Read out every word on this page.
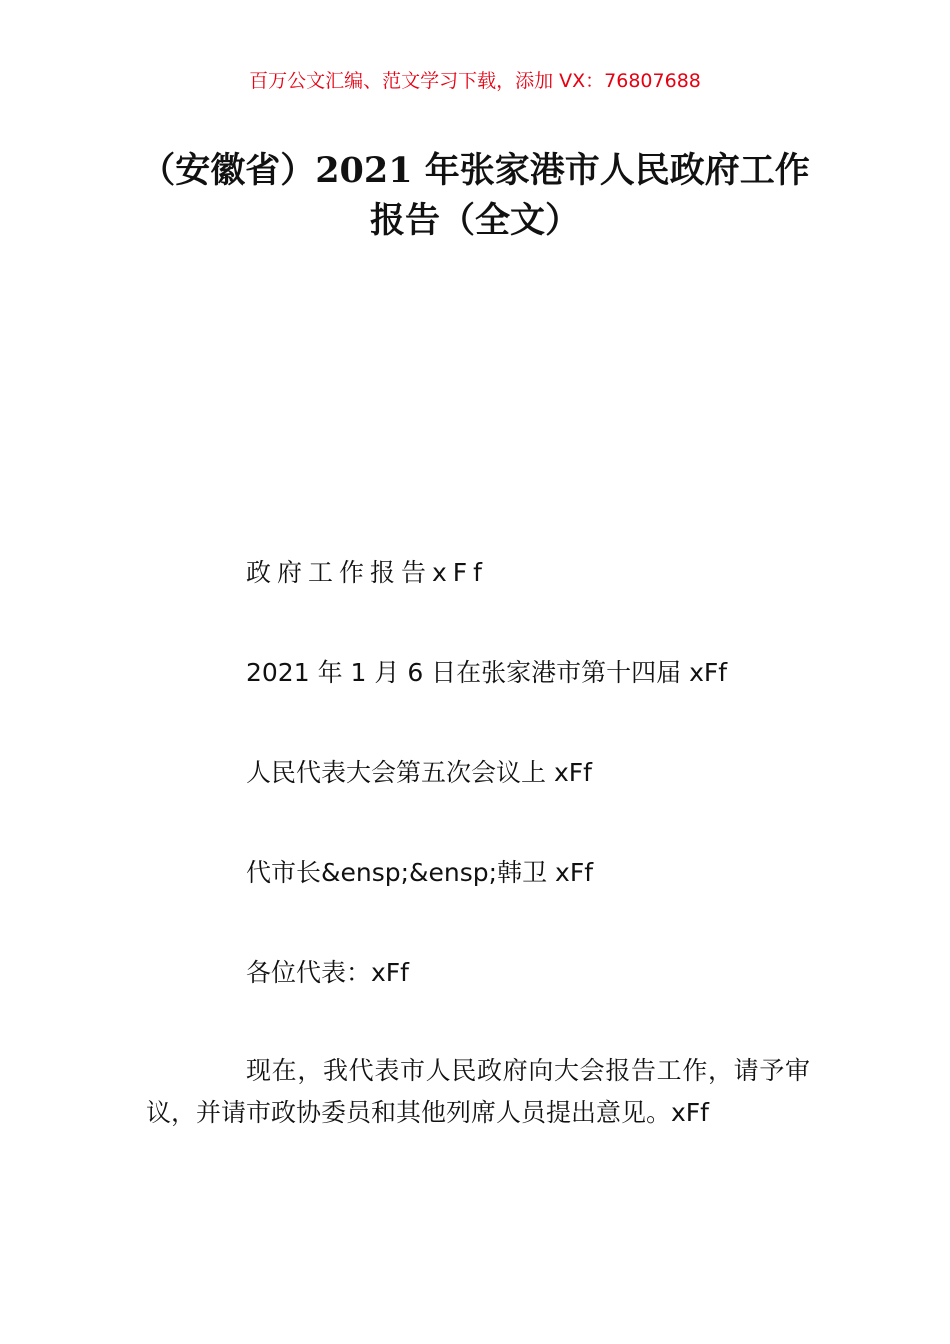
百万公文汇编、范文学习下载，添加 VX：76807688
（安徽省）2021 年张家港市人民政府工作报告（全文）
政府工作报告xFf
2021 年 1 月 6 日在张家港市第十四届 xFf
人民代表大会第五次会议上 xFf
代市长&ensp;&ensp;韩卫 xFf
各位代表：xFf

现在，我代表市人民政府向大会报告工作，请予审议，并请市政协委员和其他列席人员提出意见。xFf
